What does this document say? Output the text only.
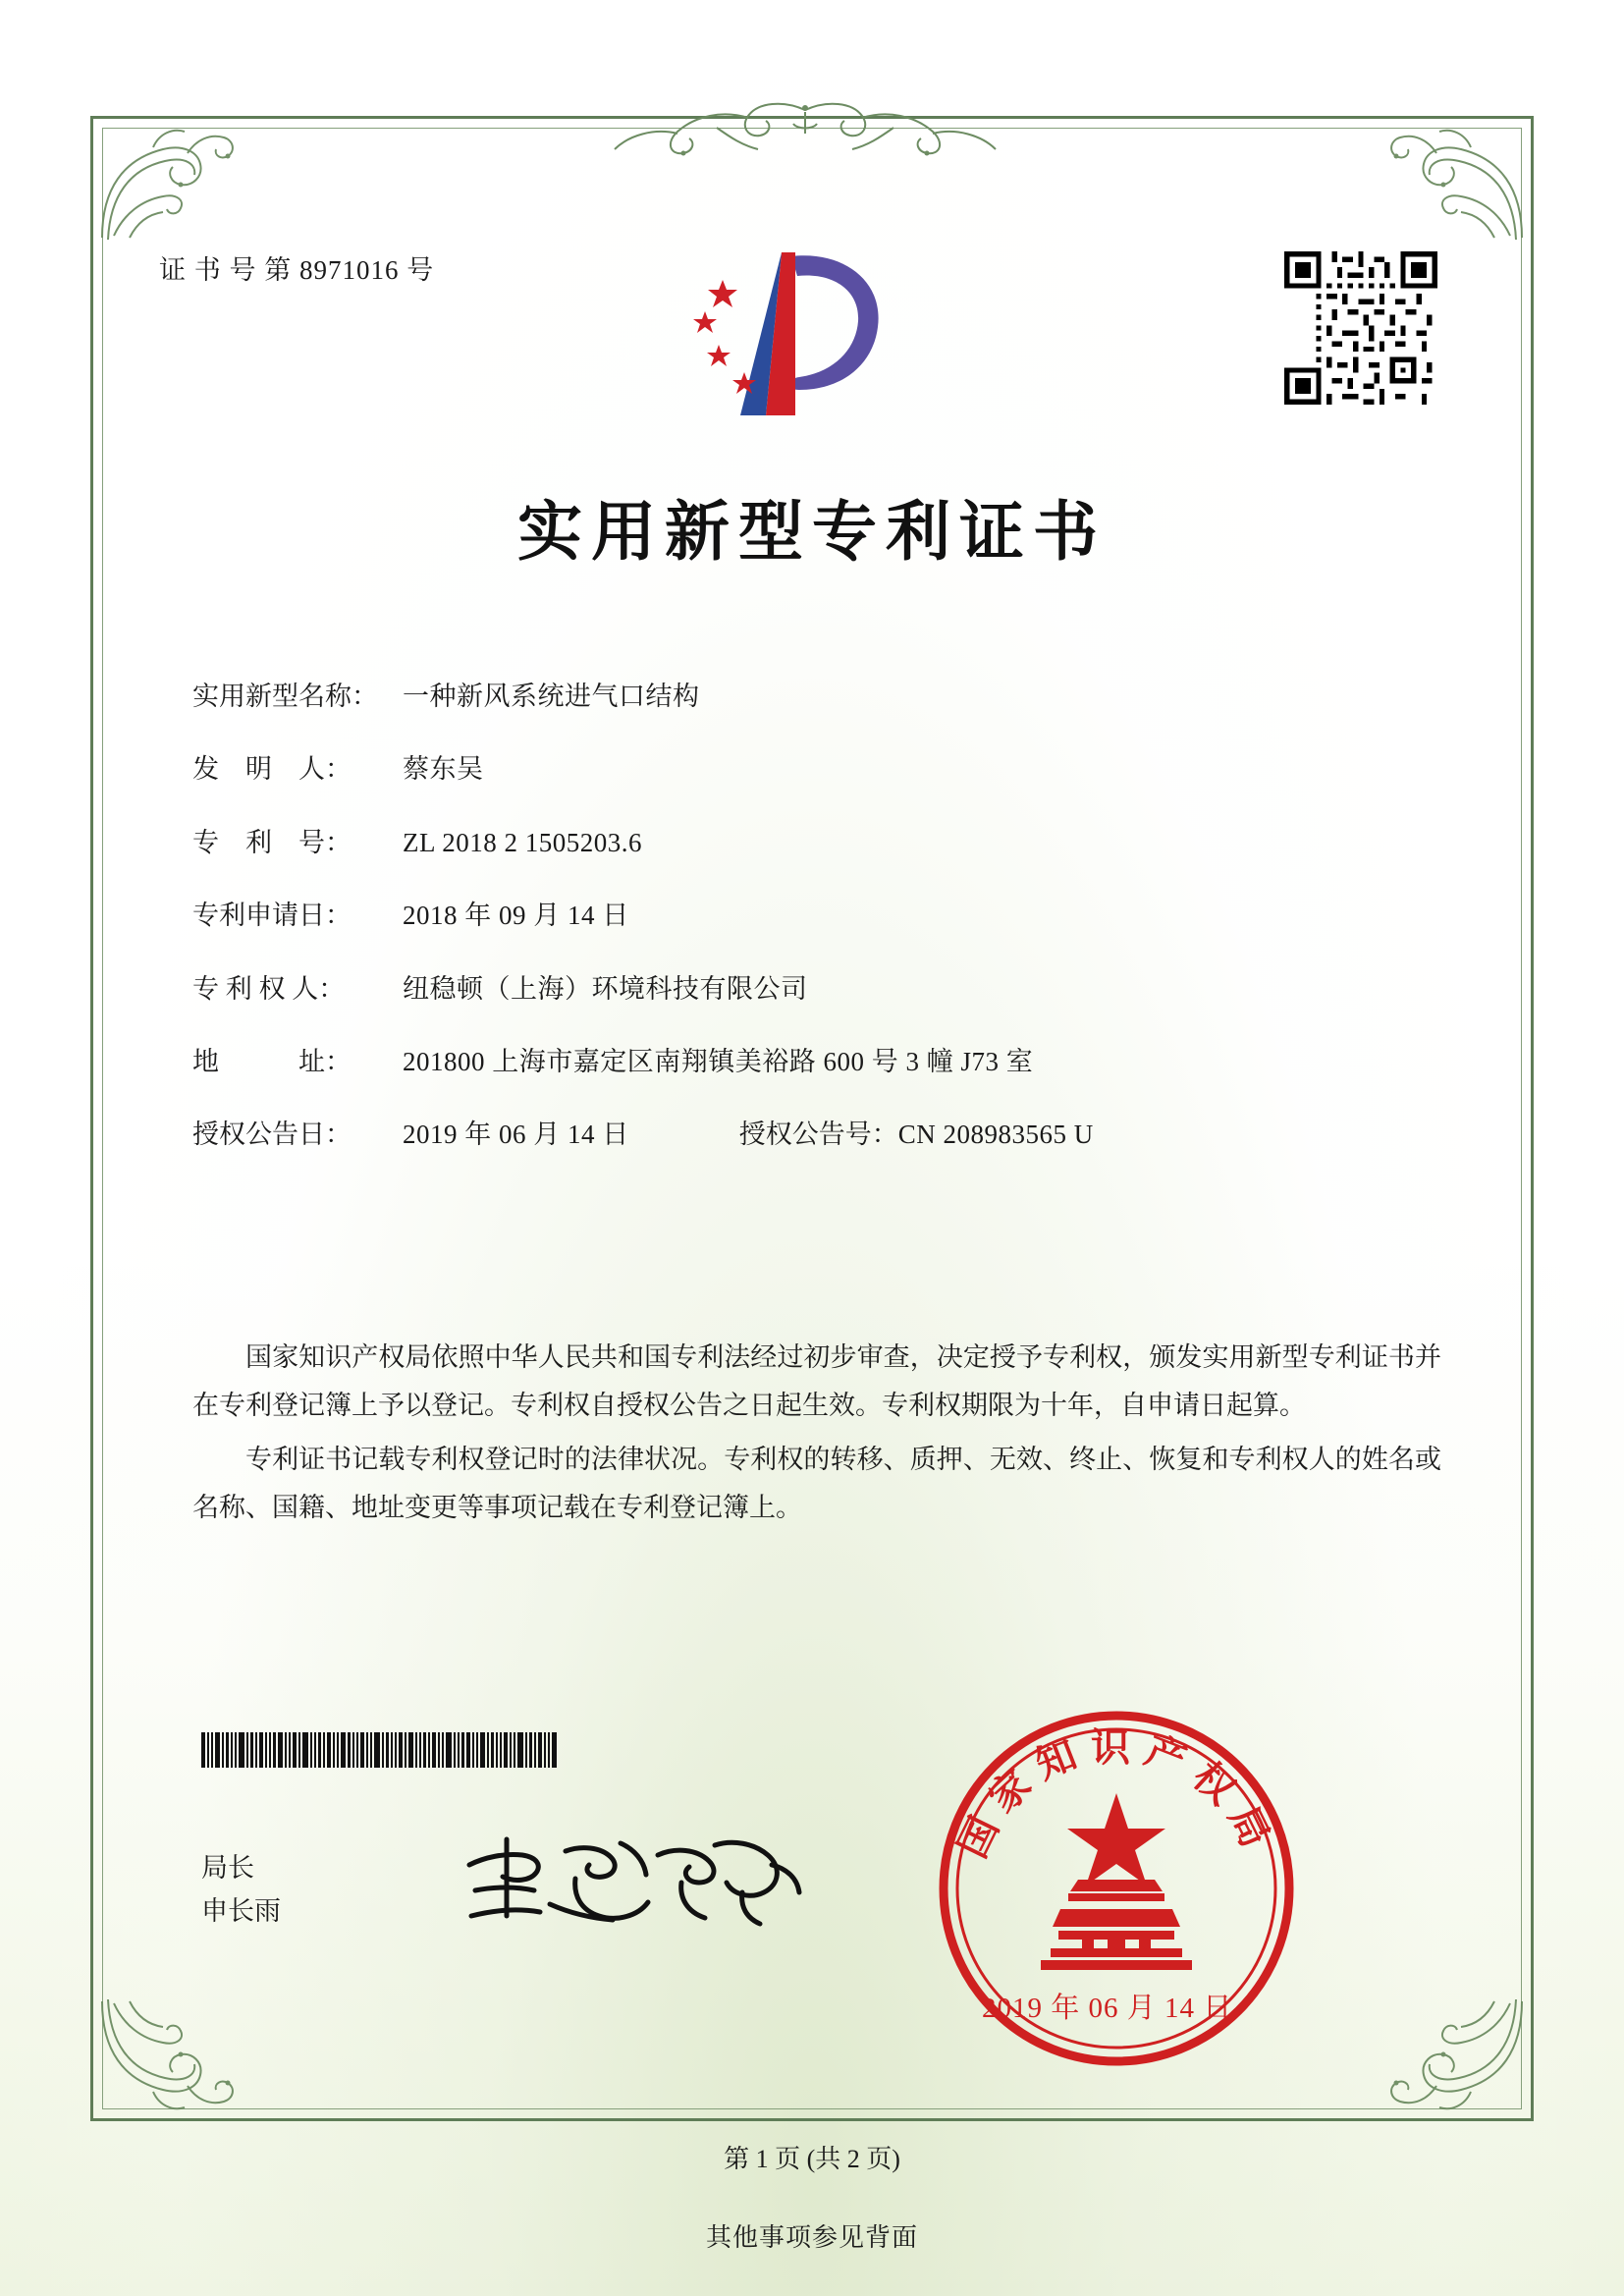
证 书 号 第 8971016 号
实用新型专利证书
实用新型名称： 一种新风系统进气口结构
发　明　人：	蔡东吴
专　利　号：	ZL 2018 2 1505203.6
专利申请日：	2018 年 09 月 14 日
专 利 权 人：	纽稳顿（上海）环境科技有限公司
地　　　址：	201800 上海市嘉定区南翔镇美裕路 600 号 3 幢 J73 室
授权公告日：	2019 年 06 月 14 日	授权公告号： CN 208983565 U

国家知识产权局依照中华人民共和国专利法经过初步审查，决定授予专利权，颁发实用新型专利证书并在专利登记簿上予以登记。专利权自授权公告之日起生效。专利权期限为十年，自申请日起算。

专利证书记载专利权登记时的法律状况。专利权的转移、质押、无效、终止、恢复和专利权人的姓名或名称、国籍、地址变更等事项记载在专利登记簿上。

局长
申长雨
国家知识产权局
2019 年 06 月 14 日
第 1 页 (共 2 页)
其他事项参见背面
